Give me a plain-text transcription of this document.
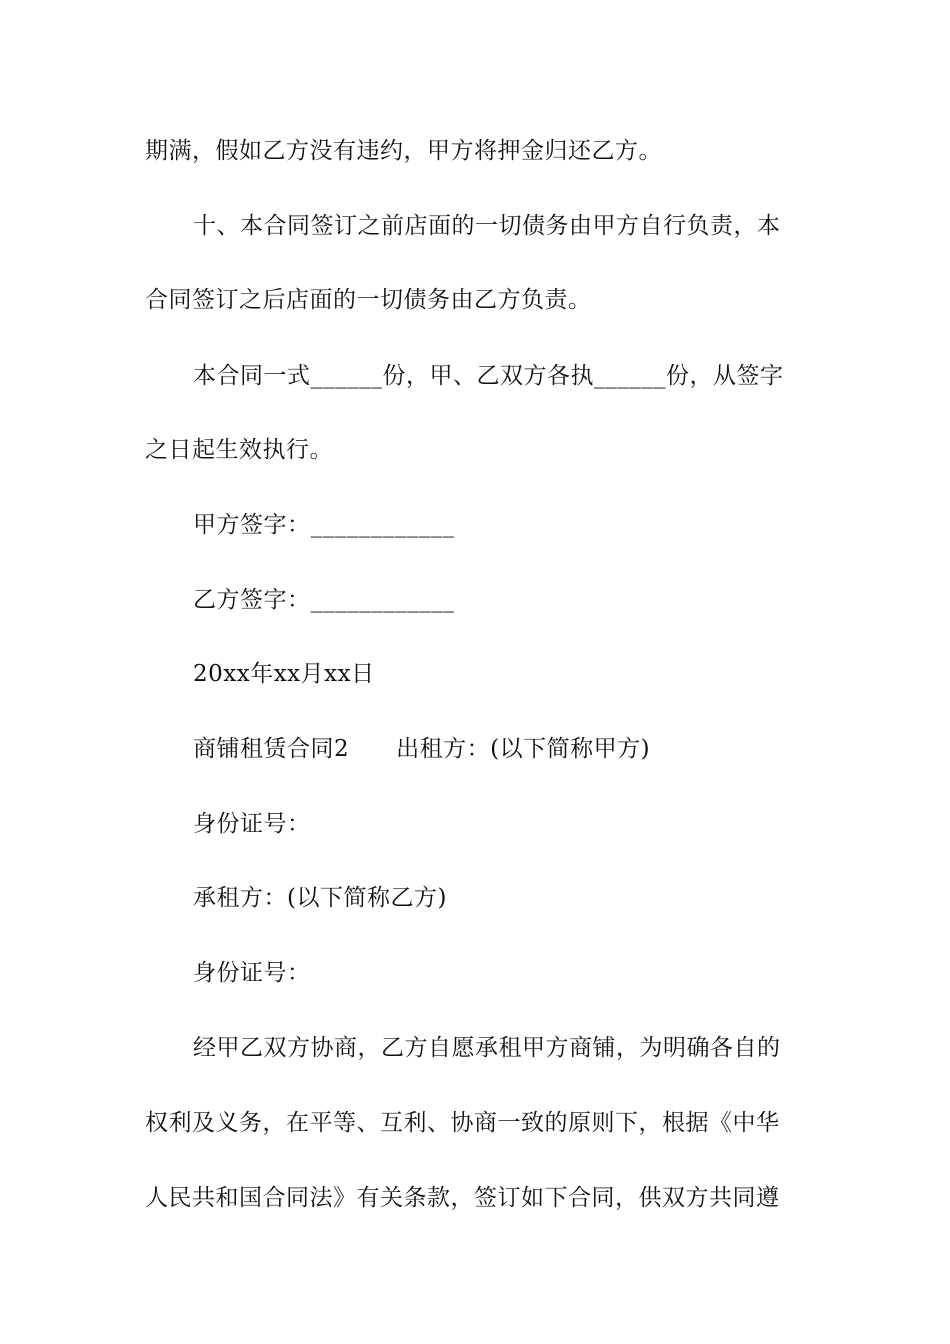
期满，假如乙方没有违约，甲方将押金归还乙方。
十、本合同签订之前店面的一切债务由甲方自行负责，本
合同签订之后店面的一切债务由乙方负责。
本合同一式______份，甲、乙双方各执______份，从签字
之日起生效执行。
甲方签字：____________
乙方签字：____________
20xx年xx月xx日
商铺租赁合同2　　出租方：(以下简称甲方)
身份证号：
承租方：(以下简称乙方)
身份证号：
经甲乙双方协商，乙方自愿承租甲方商铺，为明确各自的
权利及义务，在平等、互利、协商一致的原则下，根据《中华
人民共和国合同法》有关条款，签订如下合同，供双方共同遵
